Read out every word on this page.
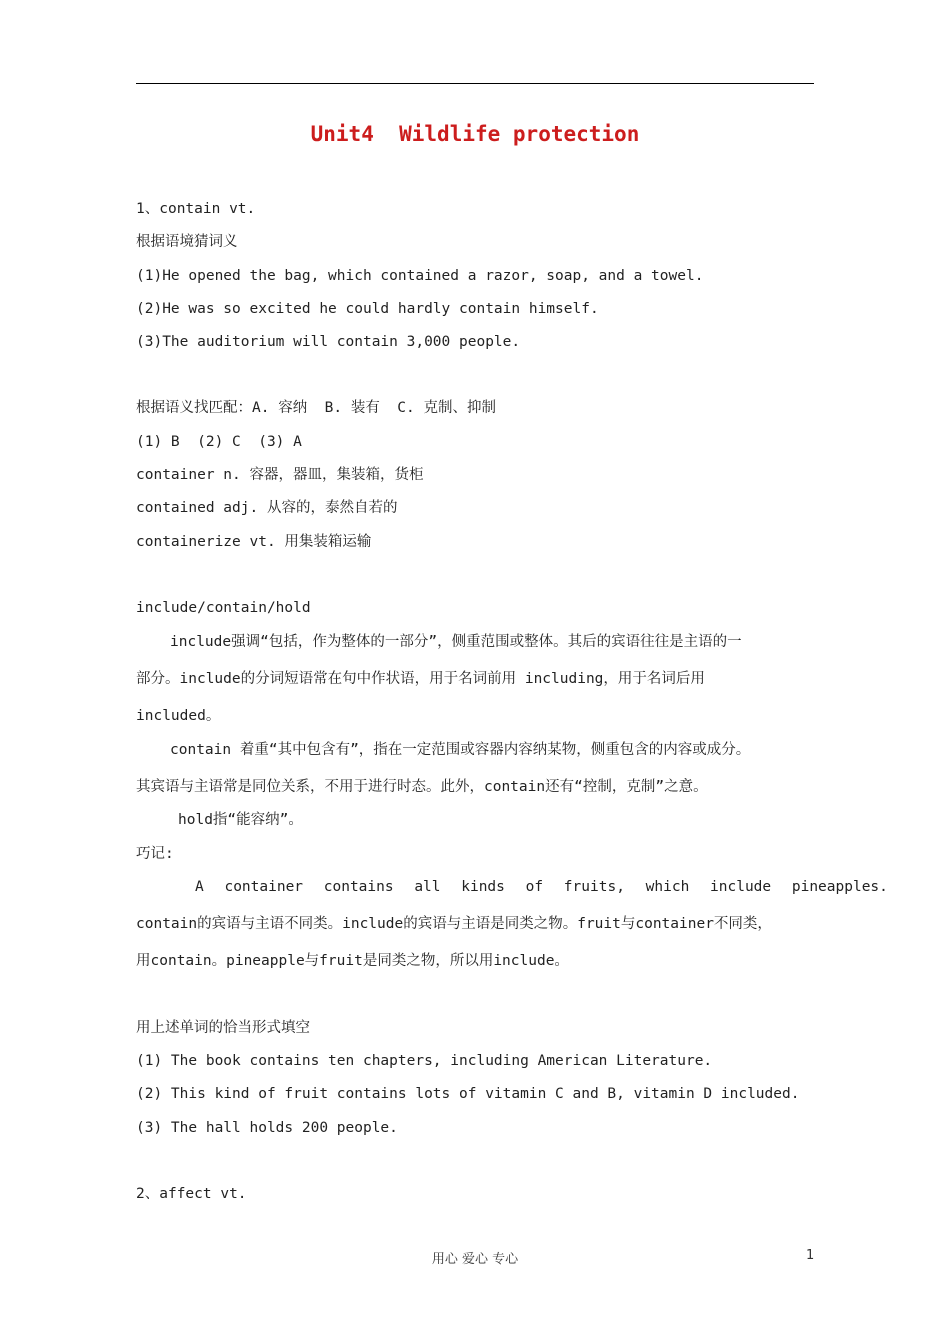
Unit4  Wildlife protection
1、contain vt.
根据语境猜词义
(1)He opened the bag, which contained a razor, soap, and a towel.
(2)He was so excited he could hardly contain himself.
(3)The auditorium will contain 3,000 people.
根据语义找匹配：A. 容纳  B. 装有  C. 克制、抑制
(1) B  (2) C  (3) A
container n. 容器，器皿，集装箱，货柜
contained adj. 从容的，泰然自若的
containerize vt. 用集装箱运输
include/contain/hold
include强调“包括，作为整体的一部分”，侧重范围或整体。其后的宾语往往是主语的一
部分。include的分词短语常在句中作状语，用于名词前用 including，用于名词后用
included。
contain 着重“其中包含有”，指在一定范围或容器内容纳某物，侧重包含的内容或成分。
其宾语与主语常是同位关系，不用于进行时态。此外，contain还有“控制，克制”之意。
hold指“能容纳”。
巧记:
A container contains all kinds of fruits, which include pineapples.
contain的宾语与主语不同类。include的宾语与主语是同类之物。fruit与container不同类，
用contain。pineapple与fruit是同类之物，所以用include。
用上述单词的恰当形式填空
(1) The book contains ten chapters, including American Literature.
(2) This kind of fruit contains lots of vitamin C and B, vitamin D included.
(3) The hall holds 200 people.
2、affect vt.
用心 爱心 专心	1
